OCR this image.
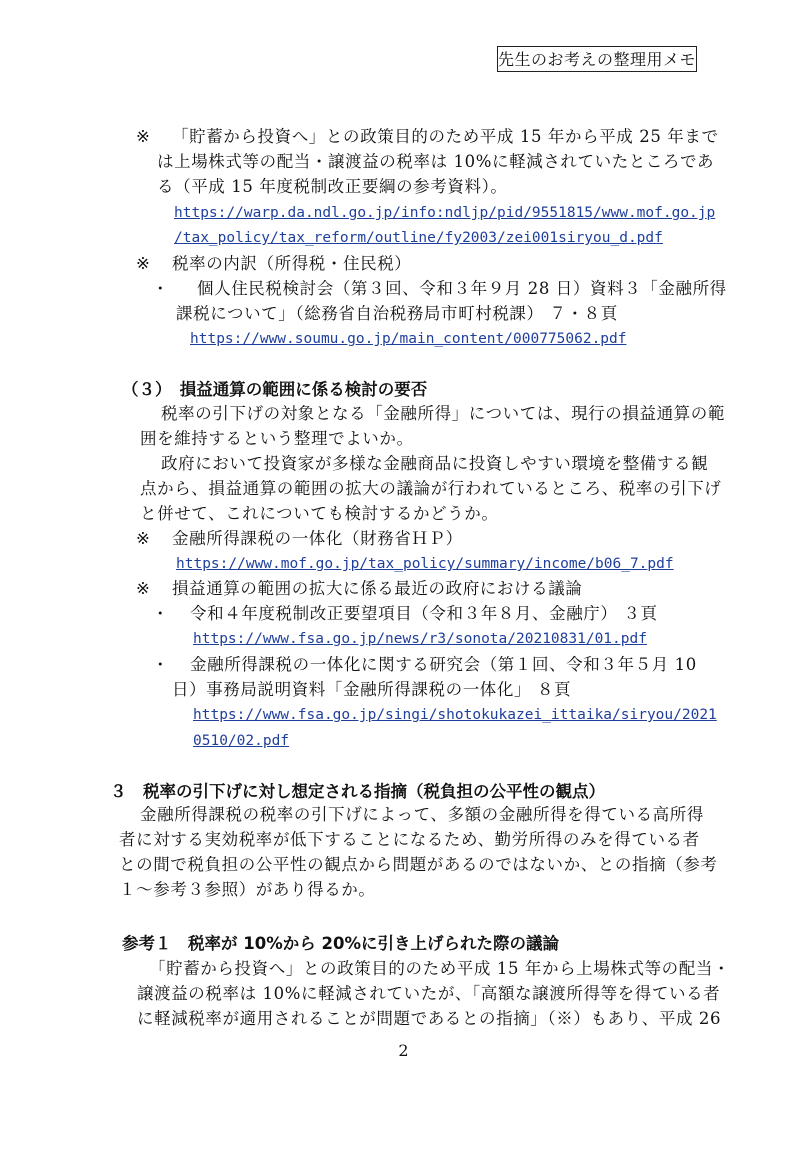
先生のお考えの整理用メモ
※ 「貯蓄から投資へ」との政策目的のため平成 15 年から平成 25 年まで
は上場株式等の配当・譲渡益の税率は 10%に軽減されていたところであ
る（平成 15 年度税制改正要綱の参考資料）。
https://warp.da.ndl.go.jp/info:ndljp/pid/9551815/www.mof.go.jp
/tax_policy/tax_reform/outline/fy2003/zei001siryou_d.pdf
※ 税率の内訳（所得税・住民税）
・ 個人住民税検討会（第３回、令和３年９月 28 日）資料３「金融所得
課税について」（総務省自治税務局市町村税課） ７・８頁
https://www.soumu.go.jp/main_content/000775062.pdf
（３）　損益通算の範囲に係る検討の要否
税率の引下げの対象となる「金融所得」については、現行の損益通算の範
囲を維持するという整理でよいか。
政府において投資家が多様な金融商品に投資しやすい環境を整備する観
点から、損益通算の範囲の拡大の議論が行われているところ、税率の引下げ
と併せて、これについても検討するかどうか。
※ 金融所得課税の一体化（財務省ＨＰ）
https://www.mof.go.jp/tax_policy/summary/income/b06_7.pdf
※ 損益通算の範囲の拡大に係る最近の政府における議論
・ 令和４年度税制改正要望項目（令和３年８月、金融庁） ３頁
https://www.fsa.go.jp/news/r3/sonota/20210831/01.pdf
・ 金融所得課税の一体化に関する研究会（第１回、令和３年５月 10
日）事務局説明資料「金融所得課税の一体化」 ８頁
https://www.fsa.go.jp/singi/shotokukazei_ittaika/siryou/2021
0510/02.pdf
３　税率の引下げに対し想定される指摘（税負担の公平性の観点）
金融所得課税の税率の引下げによって、多額の金融所得を得ている高所得
者に対する実効税率が低下することになるため、勤労所得のみを得ている者
との間で税負担の公平性の観点から問題があるのではないか、との指摘（参考
１～参考３参照）があり得るか。
参考１　税率が 10%から 20%に引き上げられた際の議論
「貯蓄から投資へ」との政策目的のため平成 15 年から上場株式等の配当・
譲渡益の税率は 10%に軽減されていたが、「高額な譲渡所得等を得ている者
に軽減税率が適用されることが問題であるとの指摘」（※）もあり、平成 26
2
